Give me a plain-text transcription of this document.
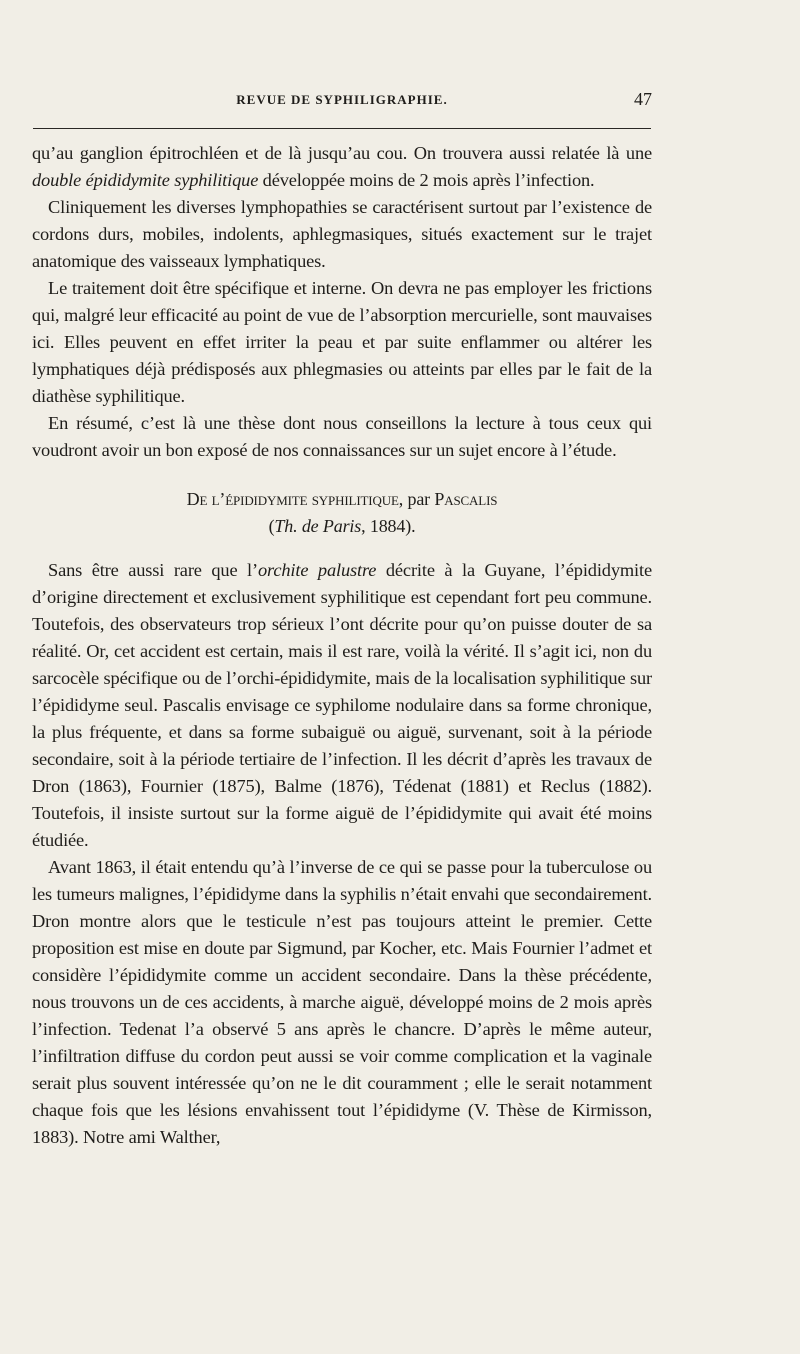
REVUE DE SYPHILIGRAPHIE.	47

qu’au ganglion épitrochléen et de là jusqu’au cou. On trouvera aussi relatée là une double épididymite syphilitique développée moins de 2 mois après l’infection.

Cliniquement les diverses lymphopathies se caractérisent surtout par l’existence de cordons durs, mobiles, indolents, aphlegmasiques, situés exactement sur le trajet anatomique des vaisseaux lymphatiques.

Le traitement doit être spécifique et interne. On devra ne pas employer les frictions qui, malgré leur efficacité au point de vue de l’absorption mercurielle, sont mauvaises ici. Elles peuvent en effet irriter la peau et par suite enflammer ou altérer les lymphatiques déjà prédisposés aux phlegmasies ou atteints par elles par le fait de la diathèse syphilitique.

En résumé, c’est là une thèse dont nous conseillons la lecture à tous ceux qui voudront avoir un bon exposé de nos connaissances sur un sujet encore à l’étude.

De l’épididymite syphilitique, par Pascalis
(Th. de Paris, 1884).

Sans être aussi rare que l’orchite palustre décrite à la Guyane, l’épididymite d’origine directement et exclusivement syphilitique est cependant fort peu commune. Toutefois, des observateurs trop sérieux l’ont décrite pour qu’on puisse douter de sa réalité. Or, cet accident est certain, mais il est rare, voilà la vérité. Il s’agit ici, non du sarcocèle spécifique ou de l’orchi-épididymite, mais de la localisation syphilitique sur l’épididyme seul. Pascalis envisage ce syphilome nodulaire dans sa forme chronique, la plus fréquente, et dans sa forme subaiguë ou aiguë, survenant, soit à la période secondaire, soit à la période tertiaire de l’infection. Il les décrit d’après les travaux de Dron (1863), Fournier (1875), Balme (1876), Tédenat (1881) et Reclus (1882). Toutefois, il insiste surtout sur la forme aiguë de l’épididymite qui avait été moins étudiée.

Avant 1863, il était entendu qu’à l’inverse de ce qui se passe pour la tuberculose ou les tumeurs malignes, l’épididyme dans la syphilis n’était envahi que secondairement. Dron montre alors que le testicule n’est pas toujours atteint le premier. Cette proposition est mise en doute par Sigmund, par Kocher, etc. Mais Fournier l’admet et considère l’épididymite comme un accident secondaire. Dans la thèse précédente, nous trouvons un de ces accidents, à marche aiguë, développé moins de 2 mois après l’infection. Tedenat l’a observé 5 ans après le chancre. D’après le même auteur, l’infiltration diffuse du cordon peut aussi se voir comme complication et la vaginale serait plus souvent intéressée qu’on ne le dit couramment ; elle le serait notamment chaque fois que les lésions envahissent tout l’épididyme (V. Thèse de Kirmisson, 1883). Notre ami Walther,
